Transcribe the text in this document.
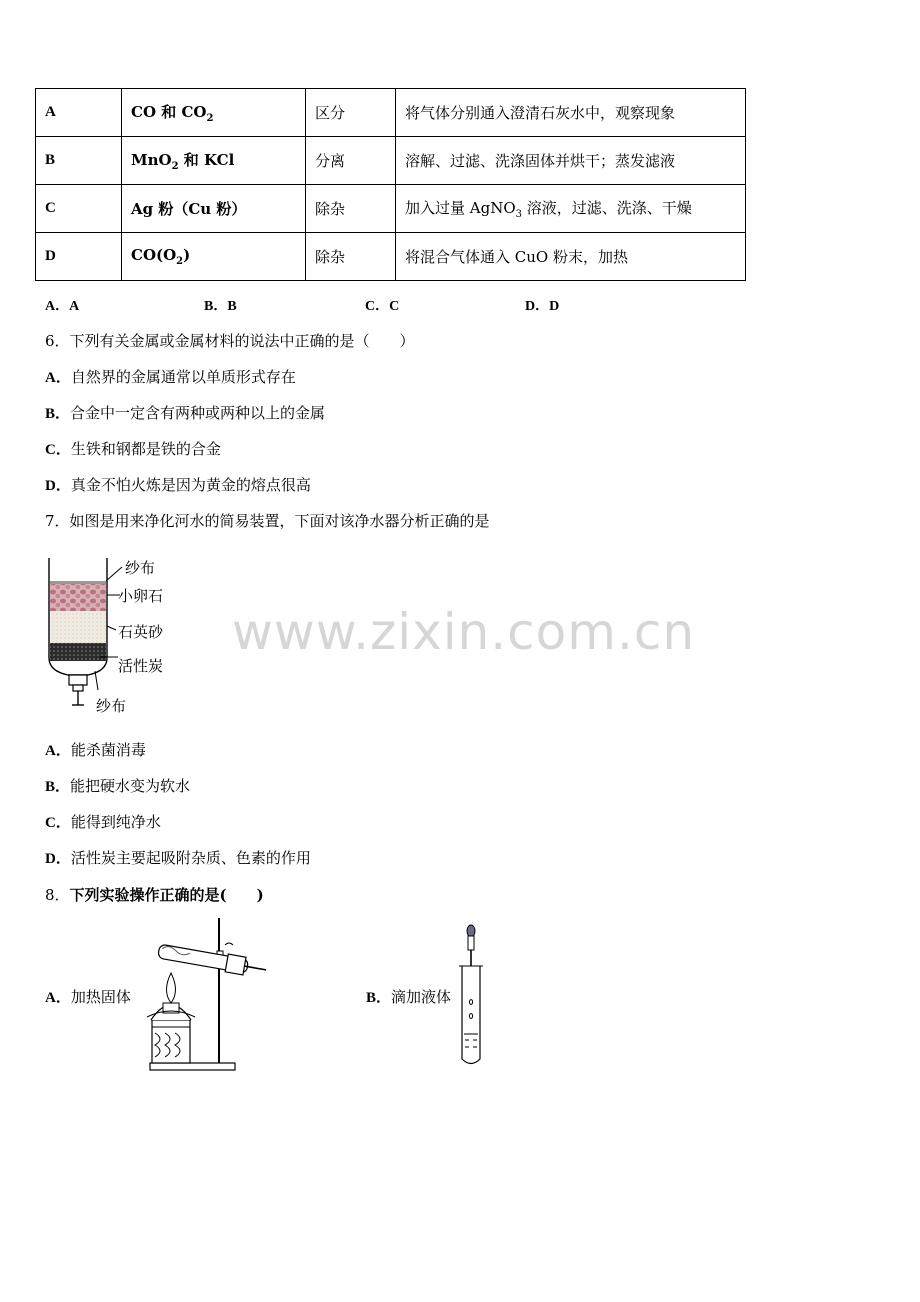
A	CO 和 $CO_2$	区分	将气体分别通入澄清石灰水中，观察现象
B	MnO$_2$ 和 KCl	分离	溶解、过滤、洗涤固体并烘干；蒸发滤液
C	Ag 粉（Cu 粉）	除杂	加入过量 AgNO$_3$ 溶液，过滤、洗涤、干燥
D	$CO(O_2)$	除杂	将混合气体通入 CuO 粉末，加热
A．A	B．B	C．C	D．D
6．下列有关金属或金属材料的说法中正确的是（　　）
A．自然界的金属通常以单质形式存在
B．合金中一定含有两种或两种以上的金属
C．生铁和钢都是铁的合金
D．真金不怕火炼是因为黄金的熔点很高
7．如图是用来净化河水的简易装置，下面对该净水器分析正确的是
www.zixin.com.cn
纱布
小卵石
石英砂
活性炭
纱布
A．能杀菌消毒
B．能把硬水变为软水
C．能得到纯净水
D．活性炭主要起吸附杂质、色素的作用
8．下列实验操作正确的是(　　)
A．加热固体	B．滴加液体
